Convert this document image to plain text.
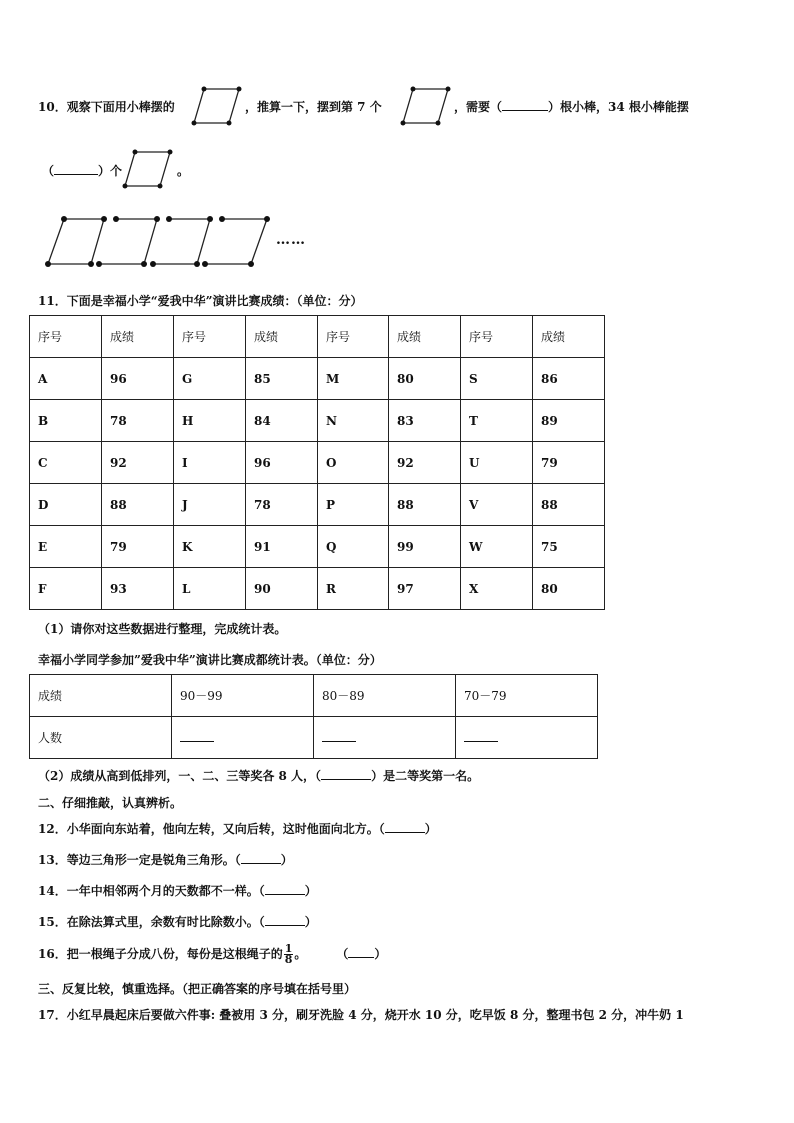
10．观察下面用小棒摆的	，推算一下，摆到第 7 个	，需要（	）根小棒，34 根小棒能摆
（	）个	。
……
11．下面是幸福小学“爱我中华”演讲比赛成绩：（单位：分）
序号	成绩	序号	成绩	序号	成绩	序号	成绩
A	96	G	85	M	80	S	86
B	78	H	84	N	83	T	89
C	92	I	96	O	92	U	79
D	88	J	78	P	88	V	88
E	79	K	91	Q	99	W	75
F	93	L	90	R	97	X	80
（1）请你对这些数据进行整理，完成统计表。
幸福小学同学参加”爱我中华”演讲比赛成都统计表。（单位：分）
成绩	90－99	80－89	70－79
人数			
（2）成绩从高到低排列，一、二、三等奖各 8 人，（	）是二等奖第一名。
二、仔细推敲，认真辨析。
12．小华面向东站着，他向左转，又向后转，这时他面向北方。（	）
13．等边三角形一定是锐角三角形。（	）
14．一年中相邻两个月的天数都不一样。（	）
15．在除法算式里，余数有时比除数小。（	）
16．把一根绳子分成八份，每份是这根绳子的 $\frac{1}{8}$ 。	（ ）
三、反复比较，慎重选择。（把正确答案的序号填在括号里）
17．小红早晨起床后要做六件事: 叠被用 3 分，刷牙洗脸 4 分，烧开水 10 分，吃早饭 8 分，整理书包 2 分，冲牛奶 1
